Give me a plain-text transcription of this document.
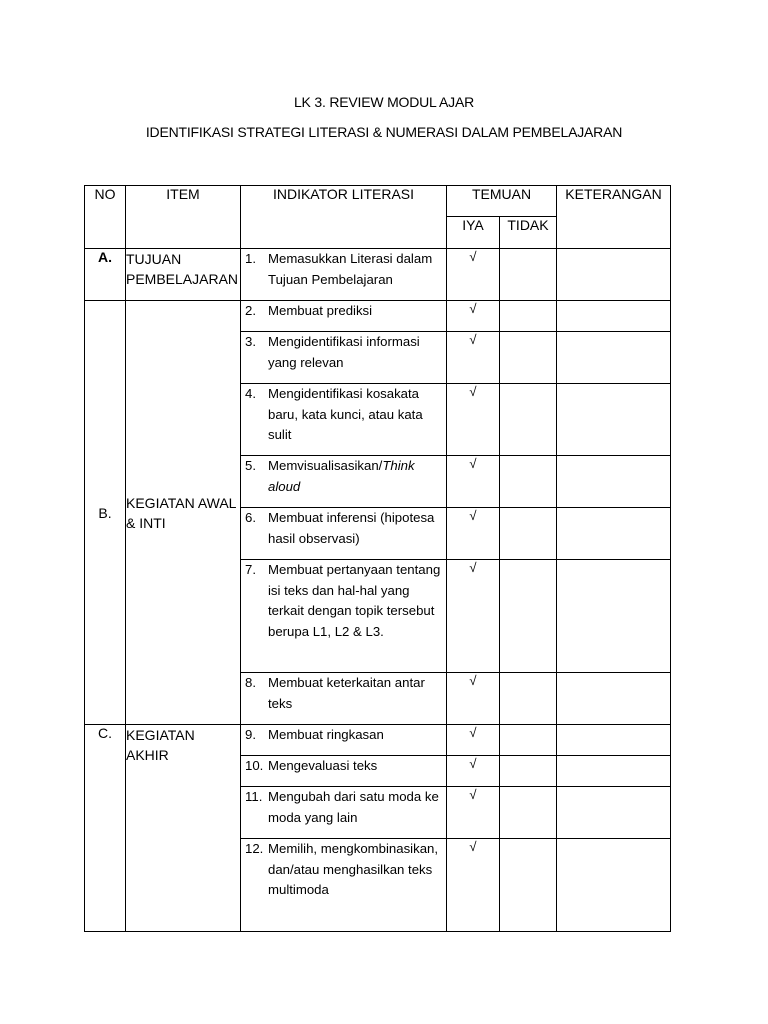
LK 3. REVIEW MODUL AJAR
IDENTIFIKASI STRATEGI LITERASI & NUMERASI DALAM PEMBELAJARAN
NO	ITEM	INDIKATOR LITERASI	TEMUAN		KETERANGAN
			IYA	TIDAK	
A.	TUJUAN PEMBELAJARAN	1. Memasukkan Literasi dalam Tujuan Pembelajaran	√		
B.	KEGIATAN AWAL & INTI	2. Membuat prediksi	√		

		3. Mengidentifikasi informasi yang relevan	√		

		4. Mengidentifikasi kosakata baru, kata kunci, atau kata sulit	√		

		5. Memvisualisasikan/Think aloud	√		

		6. Membuat inferensi (hipotesa hasil observasi)	√		

		7. Membuat pertanyaan tentang isi teks dan hal-hal yang terkait dengan topik tersebut berupa L1, L2 & L3.	√		

		8. Membuat keterkaitan antar teks	√		
C.	KEGIATAN AKHIR	9. Membuat ringkasan	√		

		10. Mengevaluasi teks	√		

		11. Mengubah dari satu moda ke moda yang lain	√		

		12. Memilih, mengkombinasikan, dan/atau menghasilkan teks multimoda	√		
